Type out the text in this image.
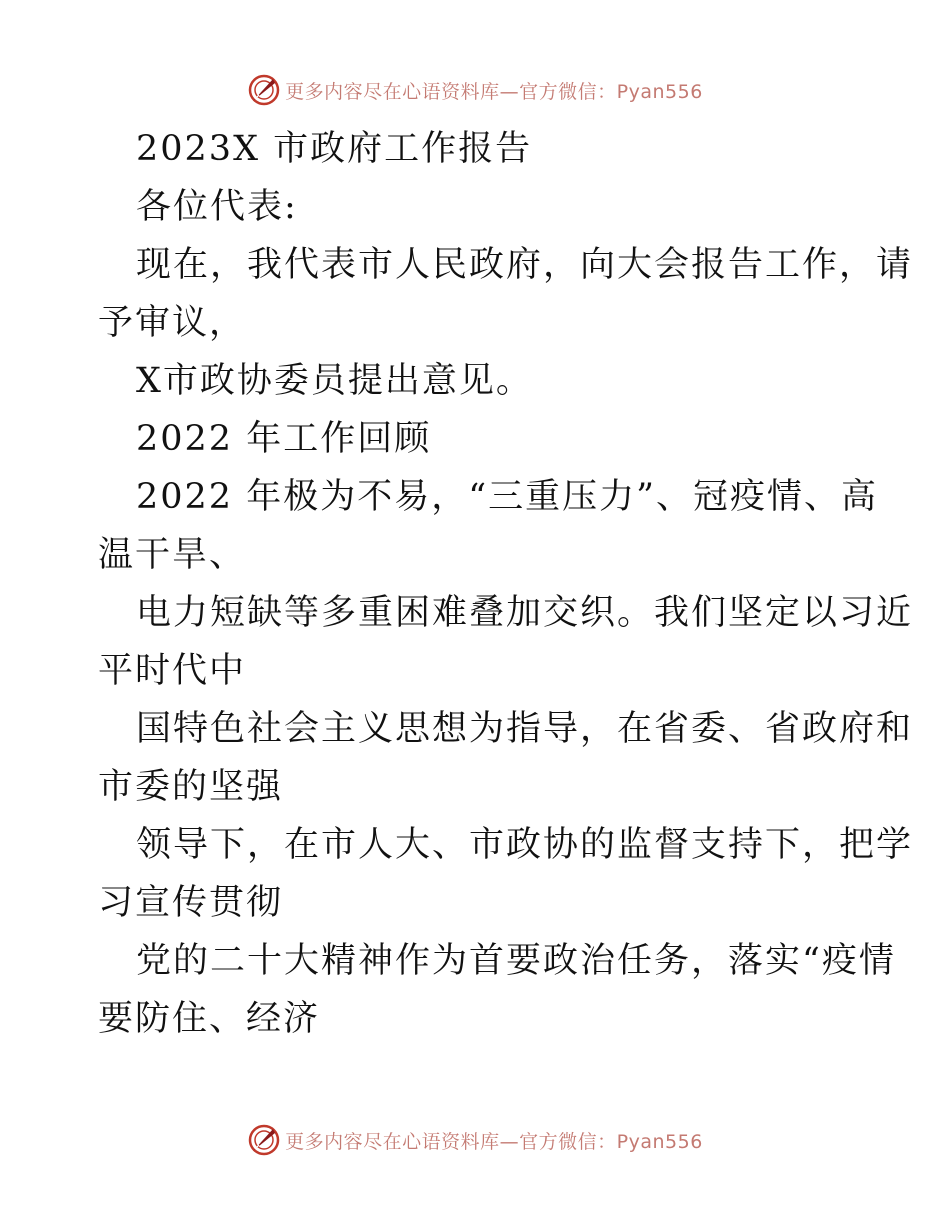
更多内容尽在心语资料库—官方微信：Pyan556
2023X 市政府工作报告
各位代表:
现在，我代表市人民政府，向大会报告工作，请
予审议，
X市政协委员提出意见。
2022 年工作回顾
2022 年极为不易，“三重压力”、冠疫情、高
温干旱、
电力短缺等多重困难叠加交织。我们坚定以习近
平时代中
国特色社会主义思想为指导，在省委、省政府和
市委的坚强
领导下，在市人大、市政协的监督支持下，把学
习宣传贯彻
党的二十大精神作为首要政治任务，落实“疫情
要防住、经济
更多内容尽在心语资料库—官方微信：Pyan556
